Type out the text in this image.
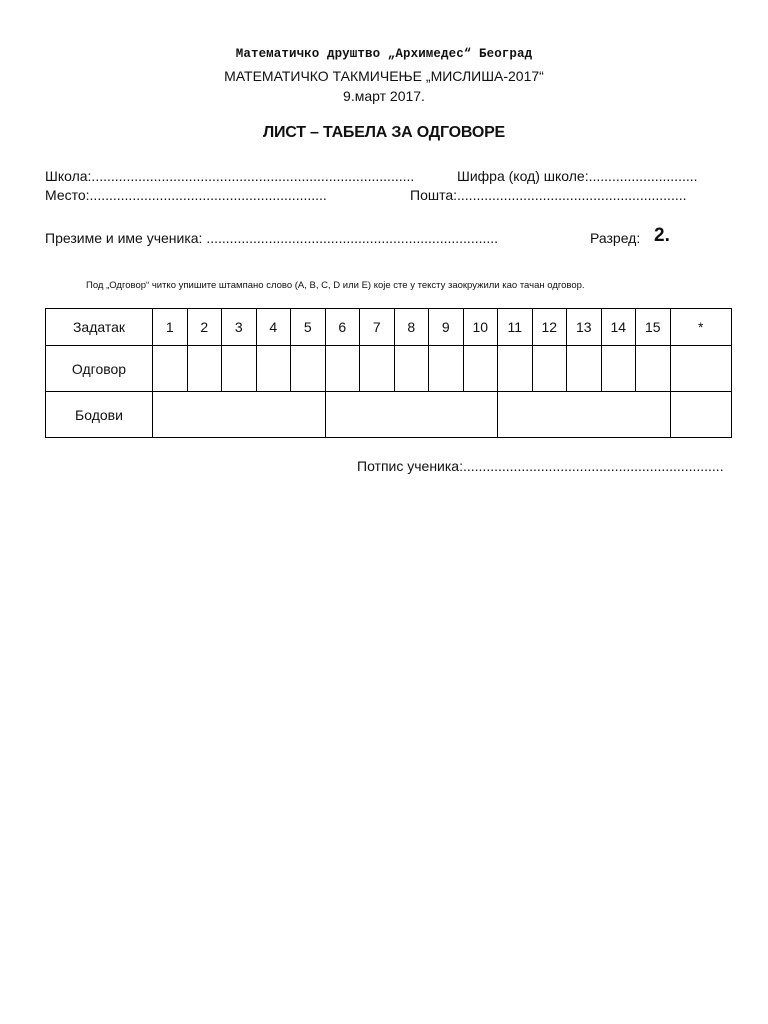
Математичко друштво „Архимедес“ Београд
МАТЕМАТИЧКО ТАКМИЧЕЊЕ „МИСЛИША-2017“
9.март 2017.
ЛИСТ – ТАБЕЛА ЗА ОДГОВОРЕ
Школа:...................................................................................	Шифра (код) школе:............................
Место:.............................................................	Пошта:...........................................................
Презиме и име ученика: ...........................................................................	Разред: 2.
Под „Одговор“ читко упишите штампано слово (A, B, C, D или E) које сте у тексту заокружили као тачан одговор.
Задатак	1	2	3	4	5	6	7	8	9	10	11	12	13	14	15	*
Одговор																
Бодови																
Потпис ученика:...................................................................
